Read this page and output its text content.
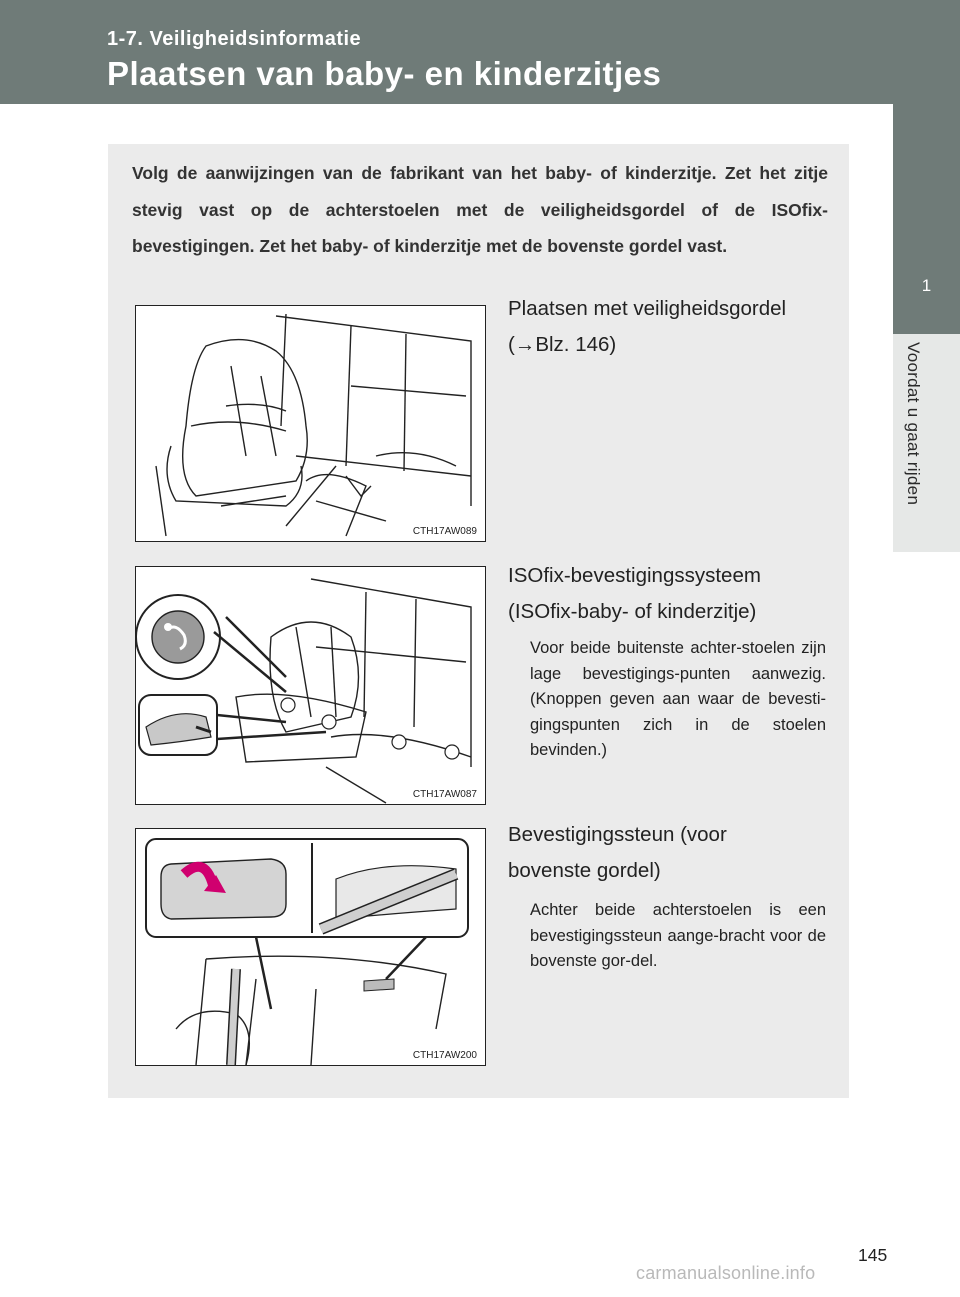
1-7. Veiligheidsinformatie
Plaatsen van baby- en kinderzitjes
1
Voordat u gaat rijden
Volg de aanwijzingen van de fabrikant van het baby- of kinderzitje. Zet het zitje stevig vast op de achterstoelen met de veiligheidsgordel of de ISOfix-bevestigingen. Zet het baby- of kinderzitje met de bovenste gordel vast.
CTH17AW089
Plaatsen met veiligheidsgordel
(→Blz. 146)
CTH17AW087
ISOfix-bevestigingssysteem
(ISOfix-baby- of kinderzitje)
Voor beide buitenste achter-stoelen zijn lage bevestigings-punten aanwezig. (Knoppen geven aan waar de bevesti-gingspunten zich in de stoelen bevinden.)
CTH17AW200
Bevestigingssteun (voor
bovenste gordel)
Achter beide achterstoelen is een bevestigingssteun aange-bracht voor de bovenste gor-del.
145
carmanualsonline.info
